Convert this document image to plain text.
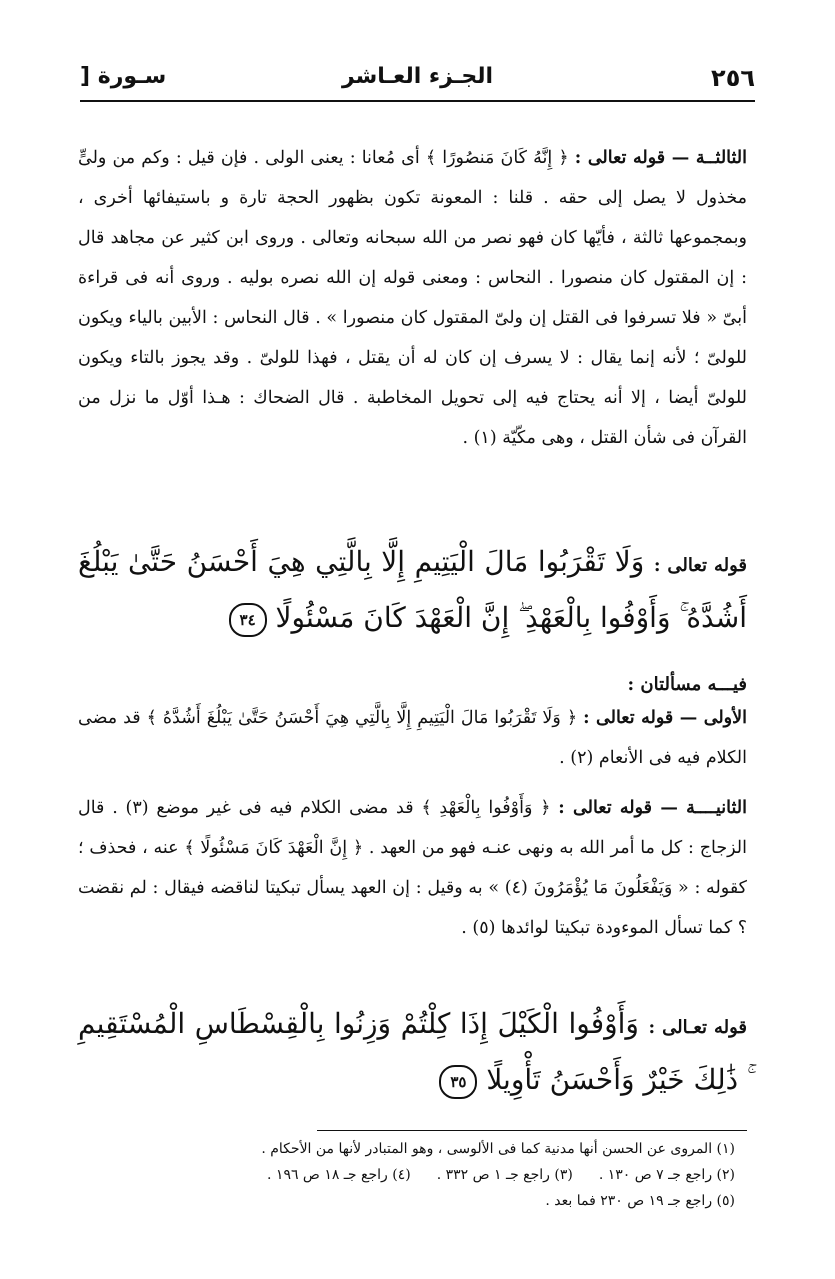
٢٥٦
الجـزء العـاشر
سـورة [

الثالثــة — قوله تعالى : ﴿ إِنَّهُ كَانَ مَنصُورًا ﴾ أى مُعانا : يعنى الولى . فإن قيل : وكم من ولىٍّ مخذول لا يصل إلى حقه . قلنا : المعونة تكون بظهور الحجة تارة و باستيفائها أخرى ، وبمجموعها ثالثة ، فأيّها كان فهو نصر من الله سبحانه وتعالى . وروى ابن كثير عن مجاهد قال : إن المقتول كان منصورا . النحاس : ومعنى قوله إن الله نصره بوليه . وروى أنه فى قراءة أبىّ « فلا تسرفوا فى القتل إن ولىّ المقتول كان منصورا » . قال النحاس : الأبين بالياء ويكون للولىّ ؛ لأنه إنما يقال : لا يسرف إن كان له أن يقتل ، فهذا للولىّ . وقد يجوز بالتاء ويكون للولىّ أيضا ، إلا أنه يحتاج فيه إلى تحويل المخاطبة . قال الضحاك : هـذا أوّل ما نزل من القرآن فى شأن القتل ، وهى مكّيّة (١) .

قوله تعالى : وَلَا تَقْرَبُوا مَالَ الْيَتِيمِ إِلَّا بِالَّتِي هِيَ أَحْسَنُ حَتَّىٰ يَبْلُغَ أَشُدَّهُ ۚ وَأَوْفُوا بِالْعَهْدِ ۖ إِنَّ الْعَهْدَ كَانَ مَسْئُولًا ٣٤

فيـــه مسألتان :

الأولى — قوله تعالى : ﴿ وَلَا تَقْرَبُوا مَالَ الْيَتِيمِ إِلَّا بِالَّتِي هِيَ أَحْسَنُ حَتَّىٰ يَبْلُغَ أَشُدَّهُ ﴾ قد مضى الكلام فيه فى الأنعام (٢) .

الثانيــــة — قوله تعالى : ﴿ وَأَوْفُوا بِالْعَهْدِ ﴾ قد مضى الكلام فيه فى غير موضع (٣) . قال الزجاج : كل ما أمر الله به ونهى عنـه فهو من العهد . ﴿ إِنَّ الْعَهْدَ كَانَ مَسْئُولًا ﴾ عنه ، فحذف ؛ كقوله : « وَيَفْعَلُونَ مَا يُؤْمَرُونَ (٤) » به وقيل : إن العهد يسأل تبكيتا لناقضه فيقال : لم نقضت ؟ كما تسأل الموءودة تبكيتا لوائدها (٥) .

قوله تعـالى : وَأَوْفُوا الْكَيْلَ إِذَا كِلْتُمْ وَزِنُوا بِالْقِسْطَاسِ الْمُسْتَقِيمِ ۚ ذَٰلِكَ خَيْرٌ وَأَحْسَنُ تَأْوِيلًا ٣٥

(١) المروى عن الحسن أنها مدنية كما فى الألوسى ، وهو المتبادر لأنها من الأحكام .
(٢) راجع جـ ٧ ص ١٣٠ .
(٣) راجع جـ ١ ص ٣٣٢ .
(٤) راجع جـ ١٨ ص ١٩٦ .
(٥) راجع جـ ١٩ ص ٢٣٠ فما بعد .
